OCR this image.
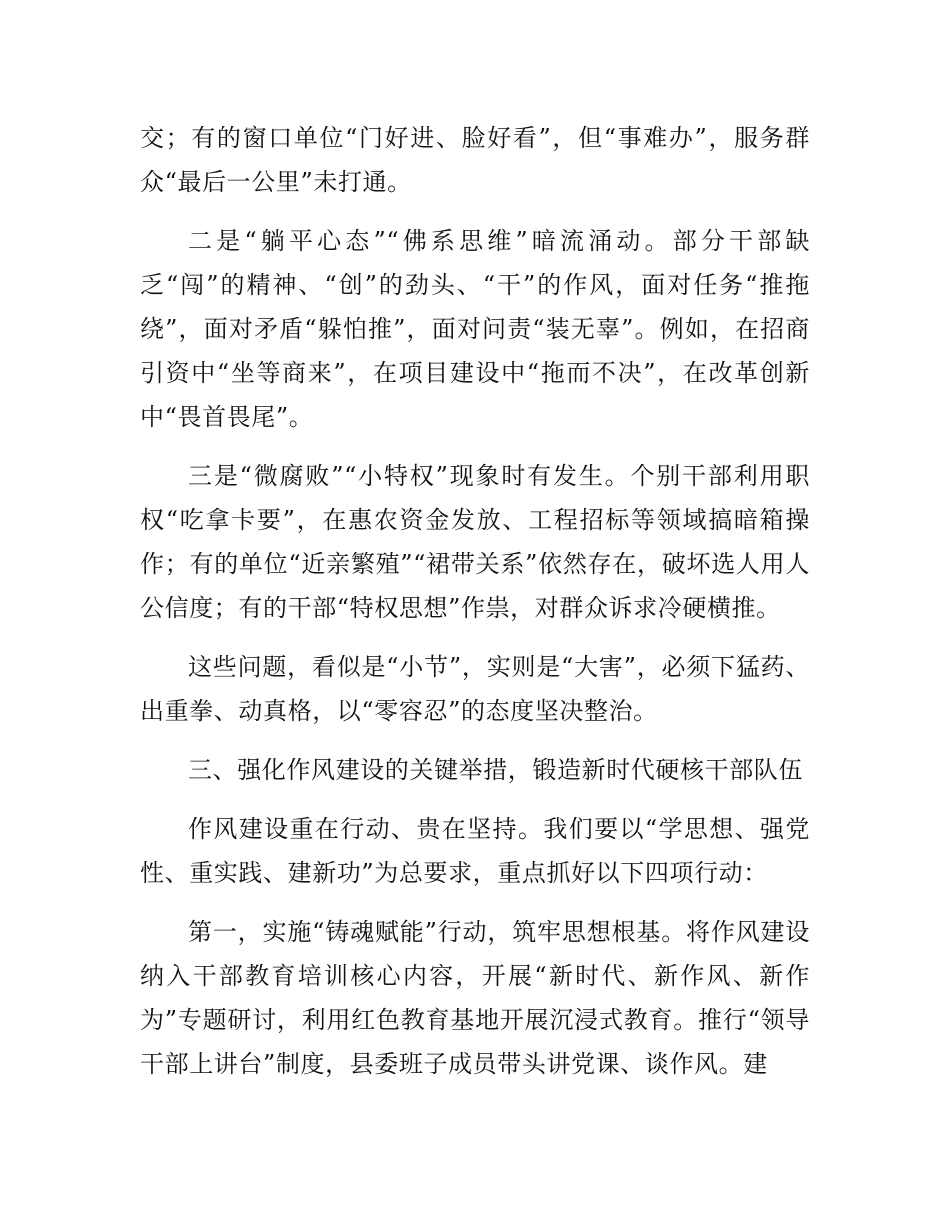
交；有的窗口单位“门好进、脸好看”，但“事难办”，服务群众“最后一公里”未打通。

二是“躺平心态”“佛系思维”暗流涌动。部分干部缺乏“闯”的精神、“创”的劲头、“干”的作风，面对任务“推拖绕”，面对矛盾“躲怕推”，面对问责“装无辜”。例如，在招商引资中“坐等商来”，在项目建设中“拖而不决”，在改革创新中“畏首畏尾”。

三是“微腐败”“小特权”现象时有发生。个别干部利用职权“吃拿卡要”，在惠农资金发放、工程招标等领域搞暗箱操作；有的单位“近亲繁殖”“裙带关系”依然存在，破坏选人用人公信度；有的干部“特权思想”作祟，对群众诉求冷硬横推。

这些问题，看似是“小节”，实则是“大害”，必须下猛药、出重拳、动真格，以“零容忍”的态度坚决整治。

三、强化作风建设的关键举措，锻造新时代硬核干部队伍

作风建设重在行动、贵在坚持。我们要以“学思想、强党性、重实践、建新功”为总要求，重点抓好以下四项行动：

第一，实施“铸魂赋能”行动，筑牢思想根基。将作风建设纳入干部教育培训核心内容，开展“新时代、新作风、新作为”专题研讨，利用红色教育基地开展沉浸式教育。推行“领导干部上讲台”制度，县委班子成员带头讲党课、谈作风。建
